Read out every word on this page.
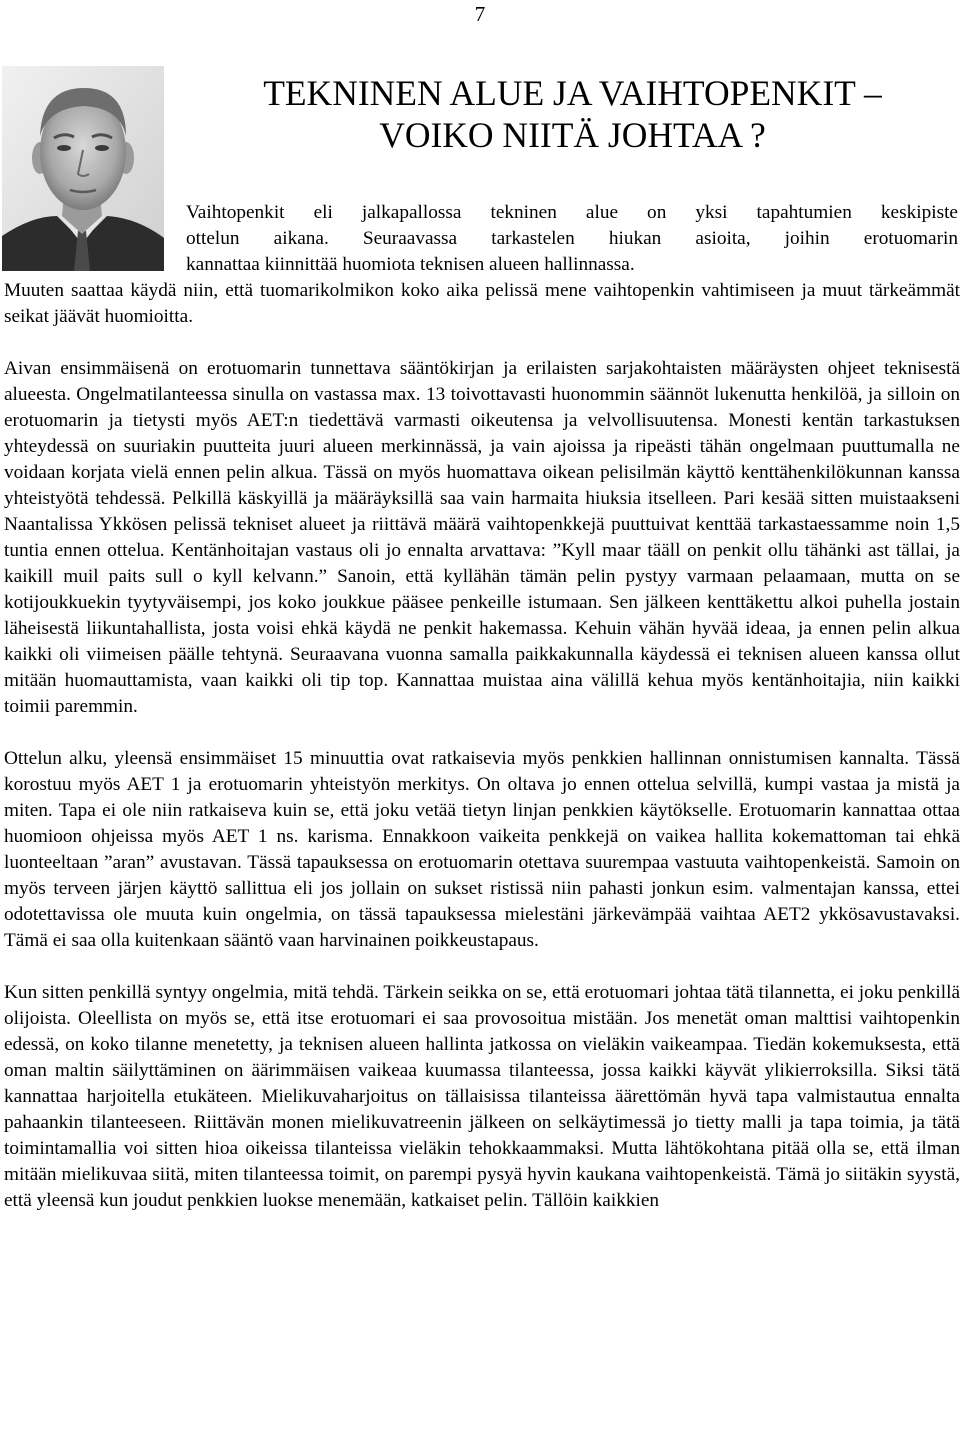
7
TEKNINEN ALUE JA VAIHTOPENKIT –
VOIKO NIITÄ JOHTAA ?
Vaihtopenkit eli jalkapallossa tekninen alue on yksi tapahtumien keskipiste
ottelun aikana. Seuraavassa tarkastelen hiukan asioita, joihin erotuomarin
kannattaa kiinnittää huomiota teknisen alueen hallinnassa.

Muuten saattaa käydä niin, että tuomarikolmikon koko aika pelissä mene vaihtopenkin vahtimiseen ja muut tärkeämmät seikat jäävät huomioitta.

Aivan ensimmäisenä on erotuomarin tunnettava sääntökirjan ja erilaisten sarjakohtaisten määräysten ohjeet teknisestä alueesta. Ongelmatilanteessa sinulla on vastassa max. 13 toivottavasti huonommin säännöt lukenutta henkilöä, ja silloin on erotuomarin ja tietysti myös AET:n tiedettävä varmasti oikeutensa ja velvollisuutensa. Monesti kentän tarkastuksen yhteydessä on suuriakin puutteita juuri alueen merkinnässä, ja vain ajoissa ja ripeästi tähän ongelmaan puuttumalla ne voidaan korjata vielä ennen pelin alkua. Tässä on myös huomattava oikean pelisilmän käyttö kenttähenkilökunnan kanssa yhteistyötä tehdessä. Pelkillä käskyillä ja määräyksillä saa vain harmaita hiuksia itselleen. Pari kesää sitten muistaakseni Naantalissa Ykkösen pelissä tekniset alueet ja riittävä määrä vaihtopenkkejä puuttuivat kenttää tarkastaessamme noin 1,5 tuntia ennen ottelua. Kentänhoitajan vastaus oli jo ennalta arvattava: ”Kyll maar tääll on penkit ollu tähänki ast tällai, ja kaikill muil paits sull o kyll kelvann.” Sanoin, että kyllähän tämän pelin pystyy varmaan pelaamaan, mutta on se kotijoukkuekin tyytyväisempi, jos koko joukkue pääsee penkeille istumaan. Sen jälkeen kenttäkettu alkoi puhella jostain läheisestä liikuntahallista, josta voisi ehkä käydä ne penkit hakemassa. Kehuin vähän hyvää ideaa, ja ennen pelin alkua kaikki oli viimeisen päälle tehtynä. Seuraavana vuonna samalla paikkakunnalla käydessä ei teknisen alueen kanssa ollut mitään huomauttamista, vaan kaikki oli tip top. Kannattaa muistaa aina välillä kehua myös kentänhoitajia, niin kaikki toimii paremmin.

Ottelun alku, yleensä ensimmäiset 15 minuuttia ovat ratkaisevia myös penkkien hallinnan onnistumisen kannalta. Tässä korostuu myös AET 1 ja erotuomarin yhteistyön merkitys. On oltava jo ennen ottelua selvillä, kumpi vastaa ja mistä ja miten. Tapa ei ole niin ratkaiseva kuin se, että joku vetää tietyn linjan penkkien käytökselle. Erotuomarin kannattaa ottaa huomioon ohjeissa myös AET 1 ns. karisma. Ennakkoon vaikeita penkkejä on vaikea hallita kokemattoman tai ehkä luonteeltaan ”aran” avustavan. Tässä tapauksessa on erotuomarin otettava suurempaa vastuuta vaihtopenkeistä. Samoin on myös terveen järjen käyttö sallittua eli jos jollain on sukset ristissä niin pahasti jonkun esim. valmentajan kanssa, ettei odotettavissa ole muuta kuin ongelmia, on tässä tapauksessa mielestäni järkevämpää vaihtaa AET2 ykkösavustavaksi. Tämä ei saa olla kuitenkaan sääntö vaan harvinainen poikkeustapaus.

Kun sitten penkillä syntyy ongelmia, mitä tehdä. Tärkein seikka on se, että erotuomari johtaa tätä tilannetta, ei joku penkillä olijoista. Oleellista on myös se, että itse erotuomari ei saa provosoitua mistään. Jos menetät oman malttisi vaihtopenkin edessä, on koko tilanne menetetty, ja teknisen alueen hallinta jatkossa on vieläkin vaikeampaa. Tiedän kokemuksesta, että oman maltin säilyttäminen on äärimmäisen vaikeaa kuumassa tilanteessa, jossa kaikki käyvät ylikierroksilla. Siksi tätä kannattaa harjoitella etukäteen. Mielikuvaharjoitus on tällaisissa tilanteissa äärettömän hyvä tapa valmistautua ennalta pahaankin tilanteeseen. Riittävän monen mielikuvatreenin jälkeen on selkäytimessä jo tietty malli ja tapa toimia, ja tätä toimintamallia voi sitten hioa oikeissa tilanteissa vieläkin tehokkaammaksi. Mutta lähtökohtana pitää olla se, että ilman mitään mielikuvaa siitä, miten tilanteessa toimit, on parempi pysyä hyvin kaukana vaihtopenkeistä. Tämä jo siitäkin syystä, että yleensä kun joudut penkkien luokse menemään, katkaiset pelin. Tällöin kaikkien
